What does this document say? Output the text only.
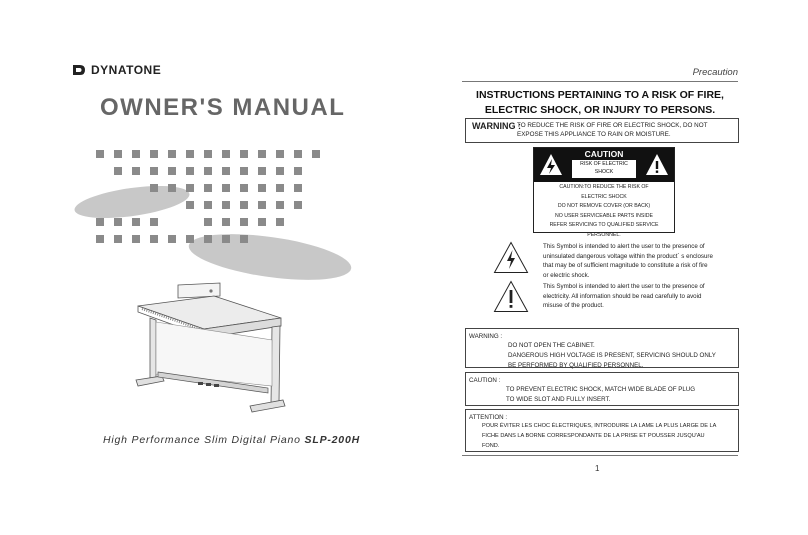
DYNATONE
OWNER'S MANUAL
High Performance Slim Digital Piano SLP-200H
Precaution
INSTRUCTIONS PERTAINING TO A RISK OF FIRE,
ELECTRIC SHOCK, OR INJURY TO PERSONS.
WARNING :
TO REDUCE THE RISK OF FIRE OR ELECTRIC SHOCK, DO NOT
EXPOSE THIS APPLIANCE TO RAIN OR MOISTURE.
CAUTION
RISK OF ELECTRIC
SHOCK
CAUTION:TO REDUCE THE RISK OF
ELECTRIC SHOCK
DO NOT REMOVE COVER (OR BACK)
NO USER SERVICEABLE PARTS INSIDE
REFER SERVICING TO QUALIFIED SERVICE
PERSONNEL.
This Symbol is intended to alert the user to the presence of
uninsulated dangerous voltage within the product´ s enclosure
that may be of sufficient magnitude to constitute a risk of fire
or electric shock.
This Symbol is intended to alert the user to the presence of
electricity. All information should be read carefully to avoid
misuse of the product.
WARNING :
DO NOT OPEN THE CABINET.
DANGEROUS HIGH VOLTAGE IS PRESENT, SERVICING SHOULD ONLY
BE PERFORMED BY QUALIFIED PERSONNEL.
CAUTION :
TO PREVENT ELECTRIC SHOCK, MATCH WIDE BLADE OF PLUG
TO WIDE SLOT AND FULLY INSERT.
ATTENTION :
POUR ÉVITER LES CHOC ÉLECTRIQUES, INTRODUIRE LA LAME LA PLUS LARGE DE LA
FICHE DANS LA BORNE CORRESPONDANTE DE LA PRISE ET POUSSER JUSQU'AU
FOND.
1
